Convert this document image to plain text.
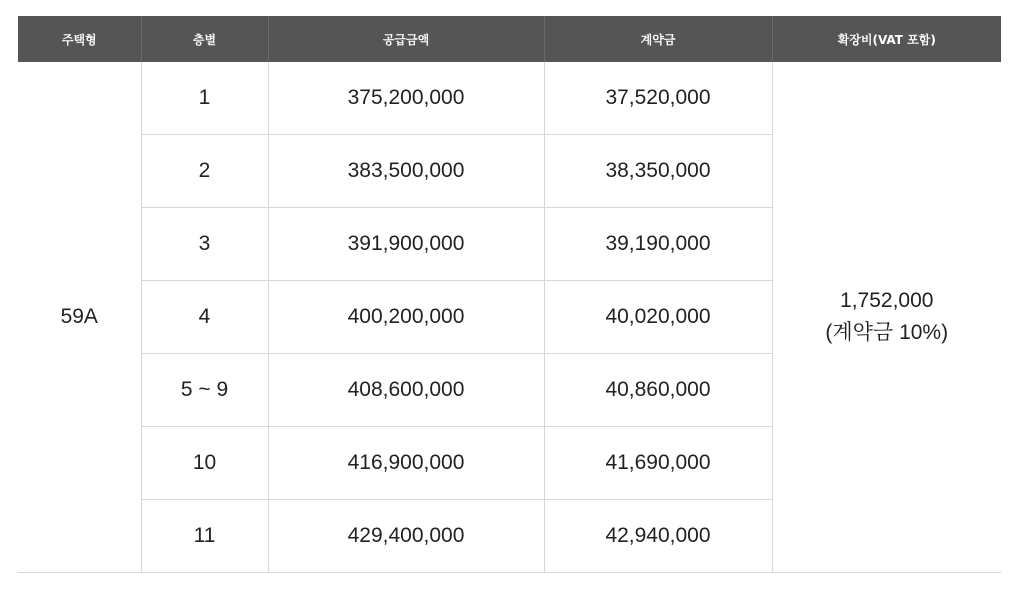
주택형	층별	공급금액	계약금	확장비(VAT 포함)
59A	1	375,200,000	37,520,000	1,752,000
(계약금 10%)

	2	383,500,000	38,350,000	
	3	391,900,000	39,190,000	
	4	400,200,000	40,020,000	
	5 ~ 9	408,600,000	40,860,000	
	10	416,900,000	41,690,000	
	11	429,400,000	42,940,000	
